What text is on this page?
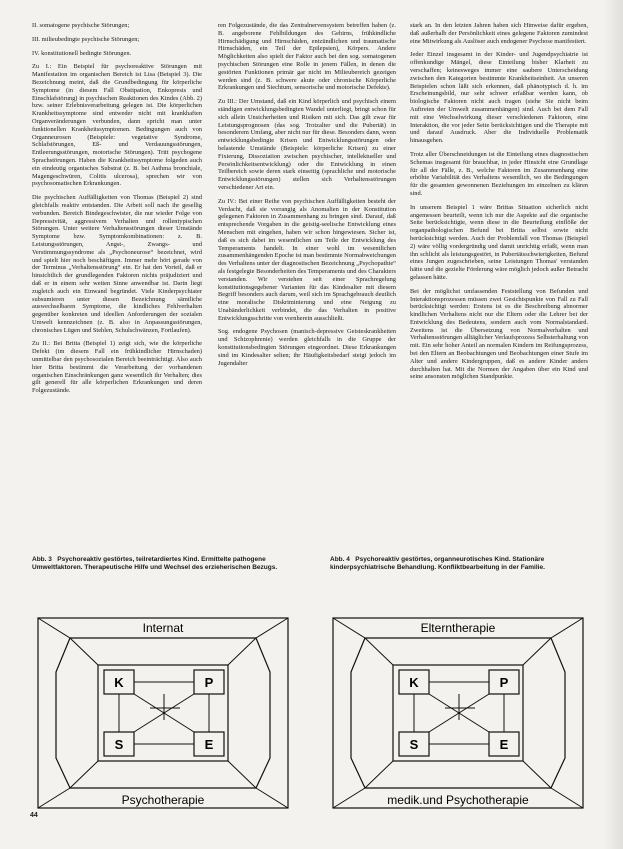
II. somatogene psychische Störungen;
III. milieubedingte psychische Störungen;
IV. konstitutionell bedingte Störungen.

Zu I.: Ein Beispiel für psychoreaktive Störungen mit Manifestation im organischen Bereich ist Lisa (Beispiel 3). Die Bezeichnung meint, daß die Grundbedingung für körperliche Symptome (in diesem Fall Obstipation, Enkopresis und Einschlafstörung) in psychischen Reaktionen des Kindes (Abb. 2) bzw. seiner Erlebnisverarbeitung gelegen ist. Die körperlichen Krankheitssymptome sind entweder nicht mit krankhaften Organveränderungen verbunden, dann spricht man unter funktionellen Krankheitssymptomen. Bedingungen auch von Organneurosen (Beispiele: vegetative Syndrome, Schlafstörungen, Eß- und Verdauungsstörungen, Entleerungsstörungen, motorische Störungen). Tritt psychogene Sprachstörungen. Haben die Krankheitssymptome folgeden auch ein eindeutig organisches Substrat (z. B. bei Asthma bronchiale, Magengeschwüren, Colitis ulcerosa), sprechen wir von psychosomatischen Erkrankungen.

Die psychischen Auffälligkeiten von Thomas (Beispiel 2) sind gleichfalls reaktiv entstanden. Die Arbeit soll nach ihr gesellig verbunden. Bereich Bindegeschwister, die nur wieder Folge von Depressivität, aggressivem Verhalten und rollentypischen Störungen. Unter weitere Verhaltensstörungen dieser Umstände Symptome bzw. Symptomkombinationen: z. B. Leistungsstörungen, Angst-, Zwangs- und Verstimmungssyndrome als „Psychoneurose“ bezeichnet, wird und spielt hier noch beschäftigen. Immer mehr hört gerade von der Terminus „Verhaltensstörung“ ein. Er hat den Vorteil, daß er hinsichtlich der grundlegenden Faktoren nichts präjudiziert und daß er in einem sehr weiten Sinne anwendbar ist. Darin liegt zugleich auch ein Einwand begründet. Viele Kinderpsychiater subsumieren unter diesen Bezeichnung sämtliche auswechselbaren Symptome, die kindliches Fehlverhalten gegenüber konkreten und ideellen Anforderungen der sozialen Umwelt kennzeichnen (z. B. also in Anpassungsstörungen, chronisches Lügen und Stehlen, Schulschwänzen, Fortlaufen).

Zu II.: Bei Britta (Beispiel 1) zeigt sich, wie die körperliche Defekt (im diesem Fall ein frühkindlicher Hirnschaden) unmittelbar den psychosozialen Bereich beeinträchtigt. Also auch hier Britta bestimmt die Verarbeitung der vorhandenen organischen Einschränkungen ganz wesentlich ihr Verhalten; dies gilt generell für alle körperlichen Erkrankungen und deren Folgezustände.

ren Folgezustände, die das Zentralnervensystem betreffen haben (z. B. angeborene Fehlbildungen des Gehirns, frühkindliche Hirnschädigung und Hirnschäden, entzündlichen und traumatische Hirnschäden, ein Teil der Epilepsien), Körpers. Andere Möglichkeiten also spielt der Faktor auch bei den sog. somatogenen psychischen Störungen eine Rolle in jenem Fällen, in denen die gestörten Funktionen primär gar nicht im Milieubereich gezeigen werden sind (z. B. schwere akute oder chronische Körperliche Erkrankungen und Siechtum, sensorische und motorische Defekte).

Zu III.: Der Umstand, daß ein Kind körperlich und psychisch einem ständigen entwicklungsbedingten Wandel unterliegt, bringt schon für sich allein Unsicherheiten und Risiken mit sich. Das gilt zwar für Leistungsprognosen (das sog. Trotzalter und die Pubertät) in besonderem Umfang, aber nicht nur für diese. Besonders dann, wenn entwicklungsbedingte Krisen und Entwicklungsstörungen oder belastende Umstände (Beispiele: körperliche Krisen) zu einer Fixierung, Dissoziation zwischen psychischer, intellektueller und Persönlichkeitsentwicklung) oder die Entwicklung in einen Teilbereich sowie deren stark einseitig (sprachliche und motorische Entwicklungsstörungen) stellen sich Verhaltensstörungen verschiedener Art ein.

Zu IV.: Bei einer Reihe von psychischen Auffälligkeiten besteht der Verdacht, daß sie vorrangig als Anomalien in der Konstitution gelegenen Faktoren in Zusammenhang zu bringen sind. Darauf, daß entsprechende Vorgaben in die geistig-seelische Entwicklung eines Menschen mit eingehen, haben wir schon hingewiesen. Sicher ist, daß es sich dabei im wesentlichen um Teile der Entwicklung des Temperaments handelt. In einer wohl im wesentlichen zusammenhängenden Epoche ist man bestimmte Normabweichungen des Verhaltens unter der diagnostischen Bezeichnung „Psychopathie“ als festgelegte Besonderheiten des Temperaments und des Charakters verstanden. Wir verstehen seit einer Sprachregelung konstitutionsgegebener Varianten für das Kindesalter mit diesem Begriff besonders auch darum, weil sich im Sprachgebrauch deutlich eine moralische Diskriminierung und eine Neigung zu Unabänderlichkeit verbindet, die das Verhalten in positive Entwicklungsschritte von vornherein ausschließt.

Sog. endogene Psychosen (manisch-depressive Geisteskrankheiten und Schizophrenie) werden gleichfalls in die Gruppe der konstitutionsbedingten Störungen eingeordnet. Diese Erkrankungen sind im Kindesalter selten; ihr Häufigkeitsbedarf steigt jedoch im Jugendalter

stark an. In den letzten Jahren haben sich Hinweise dafür ergeben, daß außerhalb der Persönlichkeit eines gelegene Faktoren zumindest eine Mitwirkung als Auslöser auch endogener Psychose manifestiert.

Jeder Einzel insgesamt in der Kinder- und Jugendpsychiatrie ist offenkundige Mängel, diese Einteilung bisher Klarheit zu verschaffen; keinesweges immer eine saubere Unterscheidung zwischen den Kategorien bestimmte Krankheitseinheit. An unseren Beispielen schon läßt sich erkennen, daß phänotypisch d. h. im Erscheinungsbild, nur sehr schwer erfaßbar werden kann, ob biologische Faktoren nicht auch tragen (siehe Sie nicht beim Auftreten der Umwelt zusammenhängen) sind. Auch bei dem Fall mit eine Wechselwirkung dieser verschiedenen Faktoren, eine Interaktion, die vor jeder Seite berücksichtigen und die Therapie mit und darauf Ausdruck. Aber die Individuelle Problematik hinausgehen.

Trotz aller Überschneidungen ist die Einteilung eines diagnostischen Schemas insgesamt für brauchbar, in jeder Hinsicht eine Grundlage für all der Fälle, z. B., welche Faktoren im Zusammenhang eine erhöhte Variabilität des Verhaltens wesentlich, wo die Bedingungen für die gesamten gewonnenen Beziehungen im einzelnen zu klären sind.

In unserem Beispiel 1 wäre Brittas Situation sicherlich nicht angemessen beurteilt, wenn ich nur die Aspekte auf die organische Seite berücksichtigte, wenn diese in die Beurteilung einflöße der organpathologischen Befund bei Britta selbst sowie nicht berücksichtigt werden. Auch der Problemfall von Thomas (Beispiel 2) wäre völlig vordergründig und damit unrichtig erfaßt, wenn man ihn schlicht als leistungsgestört, in Pubertätsschwierigkeiten, Befund eines Jungen zugeschrieben, seine Leistungen Thomas' verstanden hätte und die gezielte Förderung wäre möglich jedoch außer Betracht gelassen hätte.

Bei der möglichst umfassenden Feststellung von Befunden und Interaktionsprozessen müssen zwei Gesichtspunkte von Fall zu Fall berücksichtigt werden: Erstens ist es die Beschreibung abnormer kindlichen Verhaltens nicht nur die Eltern oder die Lehrer bei der Entwicklung des Bedeutens, sondern auch vom Normalstandard. Zweitens ist die Übersetzung von Normalverhalten und Verhaltensstörungen alltäglicher Verlaufsprozess Selbsterhaltung von mit. Ein sehr hoher Anteil an normalen Kindern im Reifungsprozess, bei den Eltern an Beobachtungen und Beobachtungen einer Stufe im Alter und andere Kindergruppen, daß es andere Kinder anders durchhalten hat. Mit die Normen der Angaben über ein Kind und seine ansonsten möglichen Standpunkte.

Abb. 3 Psychoreaktiv gestörtes, teilretardiertes Kind. Ermittelte pathogene Umweltfaktoren. Therapeutische Hilfe und Wechsel des erzieherischen Bezugs.
Abb. 4 Psychoreaktiv gestörtes, organneurotisches Kind. Stationäre kinderpsychiatrische Behandlung. Konfliktbearbeitung in der Familie.
K	P
S	E
Internat
Psychotherapie
K	P
S	E
Elterntherapie
medik.und Psychotherapie
44
